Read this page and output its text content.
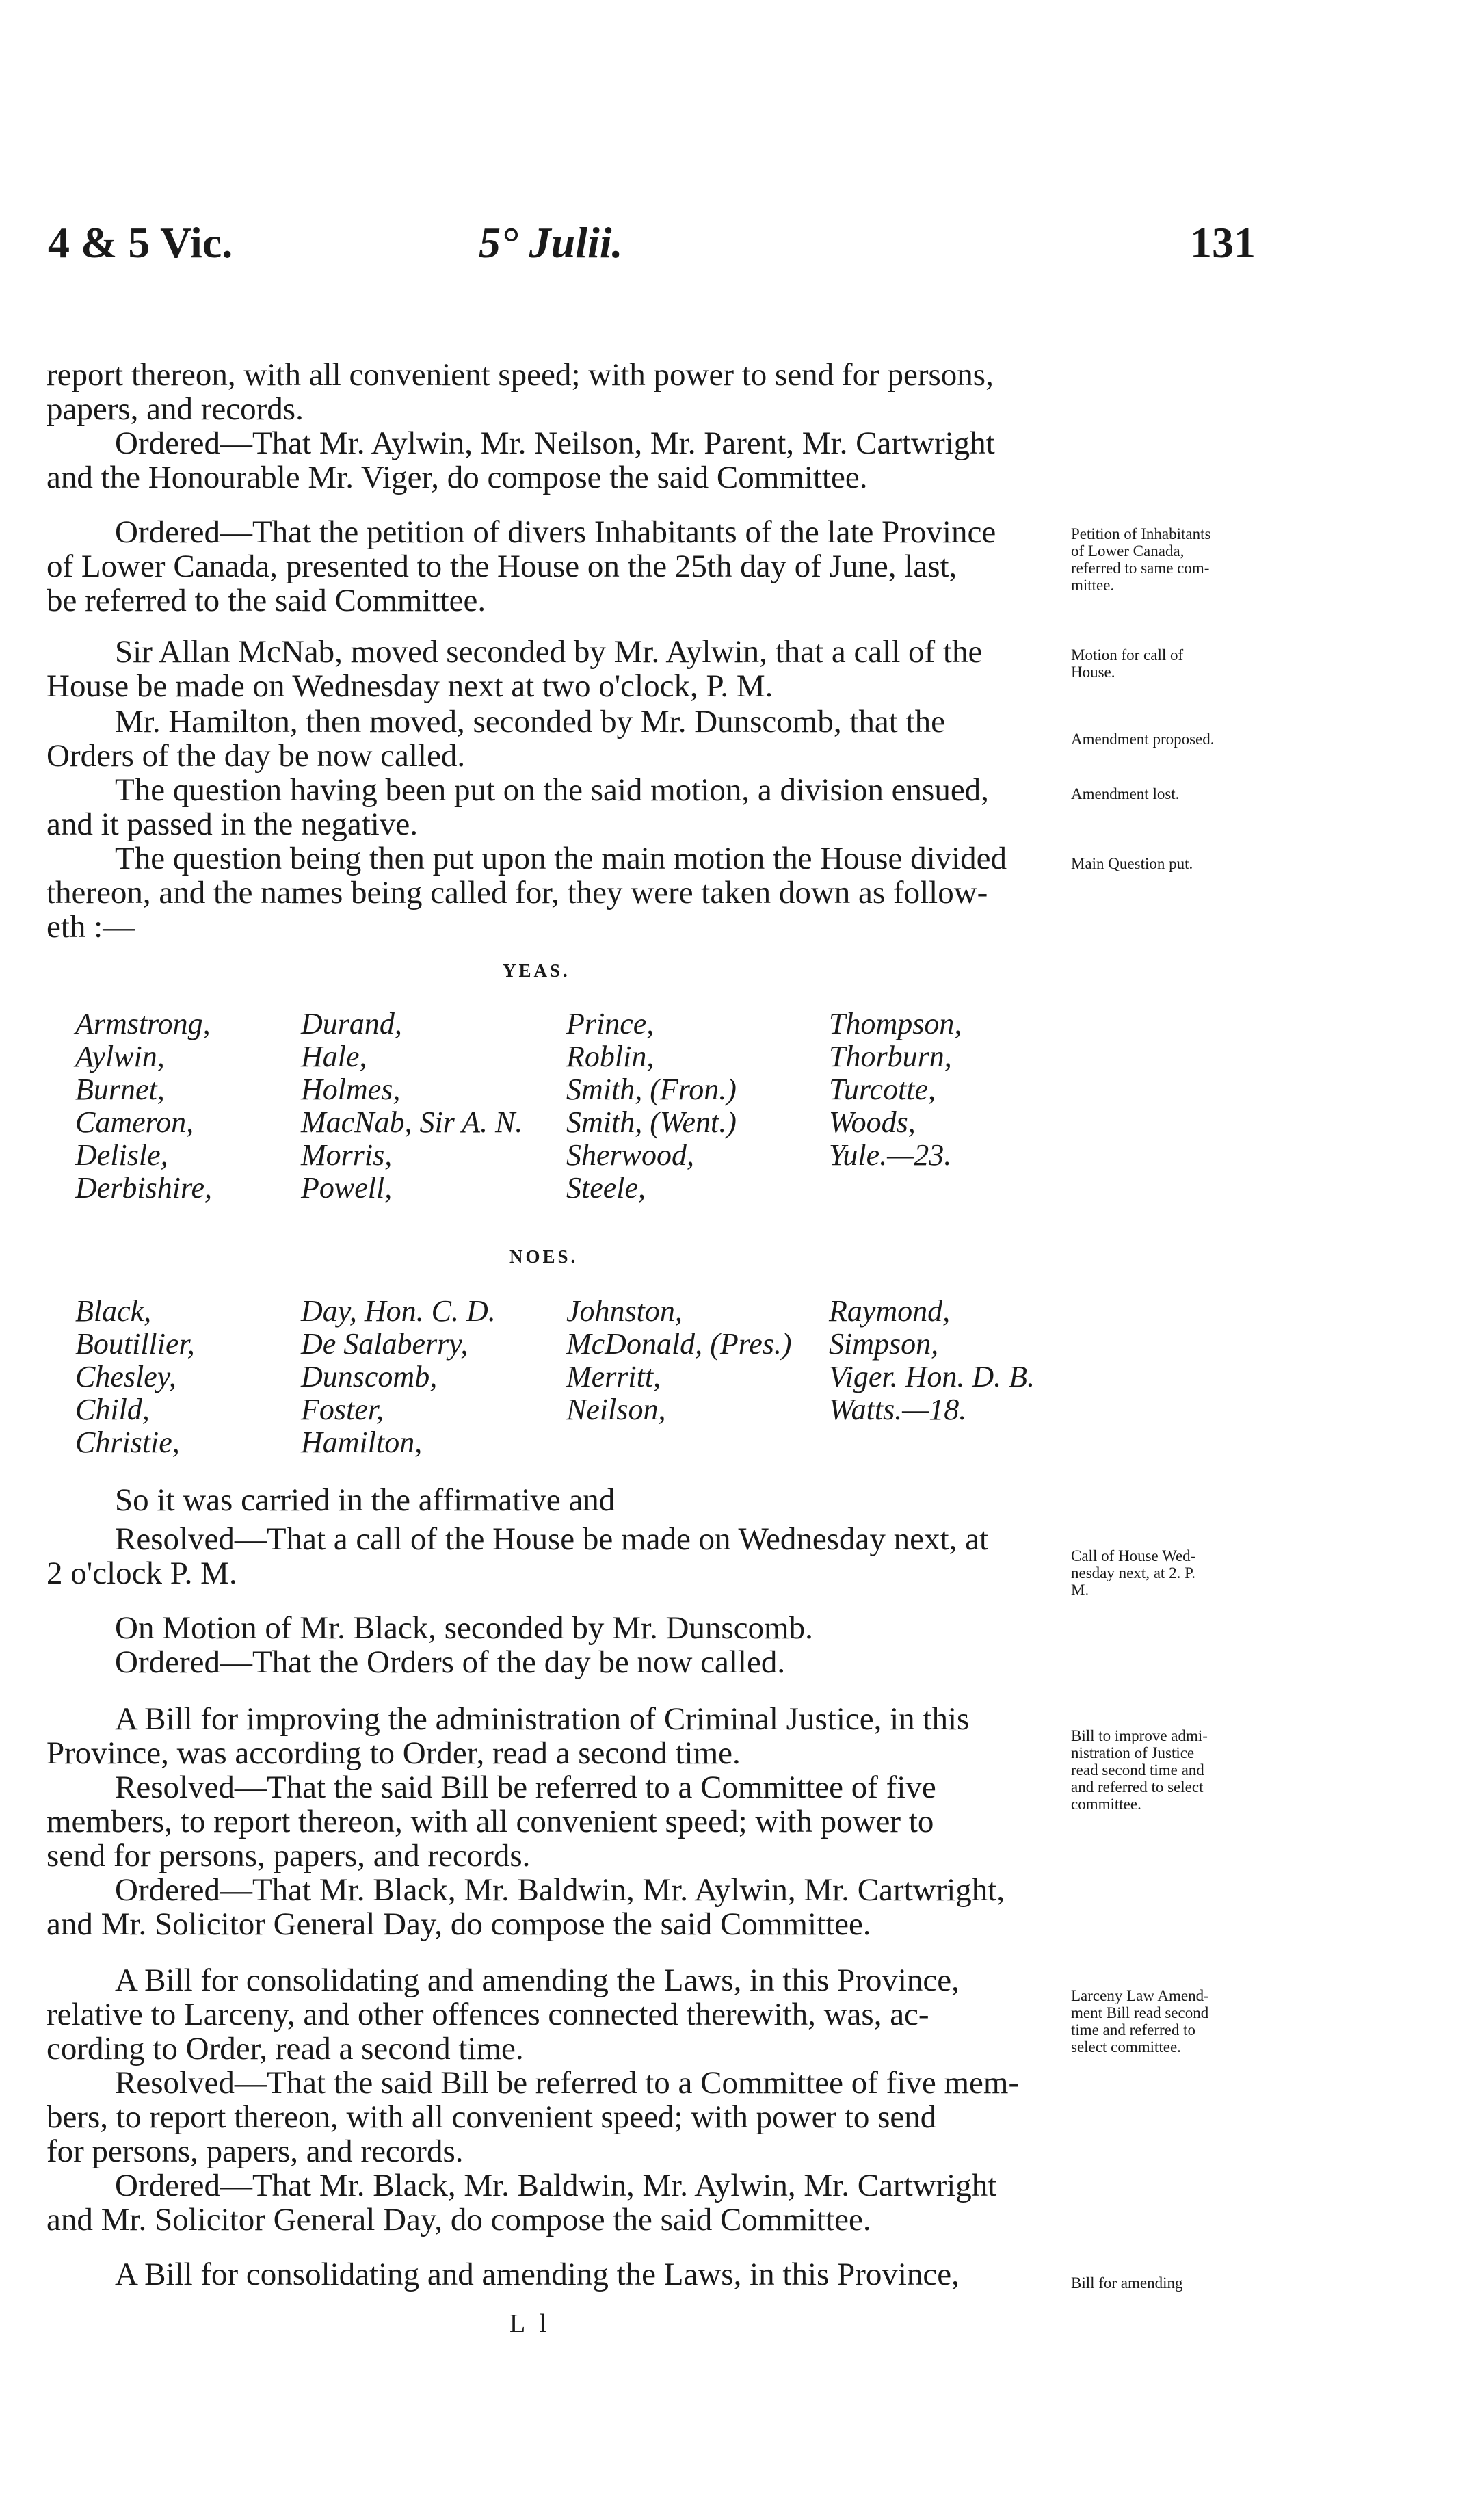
4 & 5 Vic.	5° Julii.	131
report thereon, with all convenient speed; with power to send for persons,
papers, and records.
Ordered—That Mr. Aylwin, Mr. Neilson, Mr. Parent, Mr. Cartwright
and the Honourable Mr. Viger, do compose the said Committee.
Ordered—That the petition of divers Inhabitants of the late Province
of Lower Canada, presented to the House on the 25th day of June, last,
be referred to the said Committee.
Sir Allan McNab, moved seconded by Mr. Aylwin, that a call of the
House be made on Wednesday next at two o'clock, P. M.
Mr. Hamilton, then moved, seconded by Mr. Dunscomb, that the
Orders of the day be now called.
The question having been put on the said motion, a division ensued,
and it passed in the negative.
The question being then put upon the main motion the House divided
thereon, and the names being called for, they were taken down as follow-
eth :—
YEAS.
Armstrong,
Aylwin,
Burnet,
Cameron,
Delisle,
Derbishire,
Durand,
Hale,
Holmes,
MacNab, Sir A. N.
Morris,
Powell,
Prince,
Roblin,
Smith, (Fron.)
Smith, (Went.)
Sherwood,
Steele,
Thompson,
Thorburn,
Turcotte,
Woods,
Yule.—23.
NOES.
Black,
Boutillier,
Chesley,
Child,
Christie,
Day, Hon. C. D.
De Salaberry,
Dunscomb,
Foster,
Hamilton,
Johnston,
McDonald, (Pres.)
Merritt,
Neilson,
Raymond,
Simpson,
Viger. Hon. D. B.
Watts.—18.
So it was carried in the affirmative and
Resolved—That a call of the House be made on Wednesday next, at
2 o'clock P. M.
On Motion of Mr. Black, seconded by Mr. Dunscomb.
Ordered—That the Orders of the day be now called.
A Bill for improving the administration of Criminal Justice, in this
Province, was according to Order, read a second time.
Resolved—That the said Bill be referred to a Committee of five
members, to report thereon, with all convenient speed; with power to
send for persons, papers, and records.
Ordered—That Mr. Black, Mr. Baldwin, Mr. Aylwin, Mr. Cartwright,
and Mr. Solicitor General Day, do compose the said Committee.
A Bill for consolidating and amending the Laws, in this Province,
relative to Larceny, and other offences connected therewith, was, ac-
cording to Order, read a second time.
Resolved—That the said Bill be referred to a Committee of five mem-
bers, to report thereon, with all convenient speed; with power to send
for persons, papers, and records.
Ordered—That Mr. Black, Mr. Baldwin, Mr. Aylwin, Mr. Cartwright
and Mr. Solicitor General Day, do compose the said Committee.
A Bill for consolidating and amending the Laws, in this Province,
Petition of Inhabitants
of Lower Canada,
referred to same com-
mittee.
Motion for call of
House.
Amendment proposed.
Amendment lost.
Main Question put.
Call of House Wed-
nesday next, at 2. P.
M.
Bill to improve admi-
nistration of Justice
read second time and
and referred to select
committee.
Larceny Law Amend-
ment Bill read second
time and referred to
select committee.
Bill for amending
L l
